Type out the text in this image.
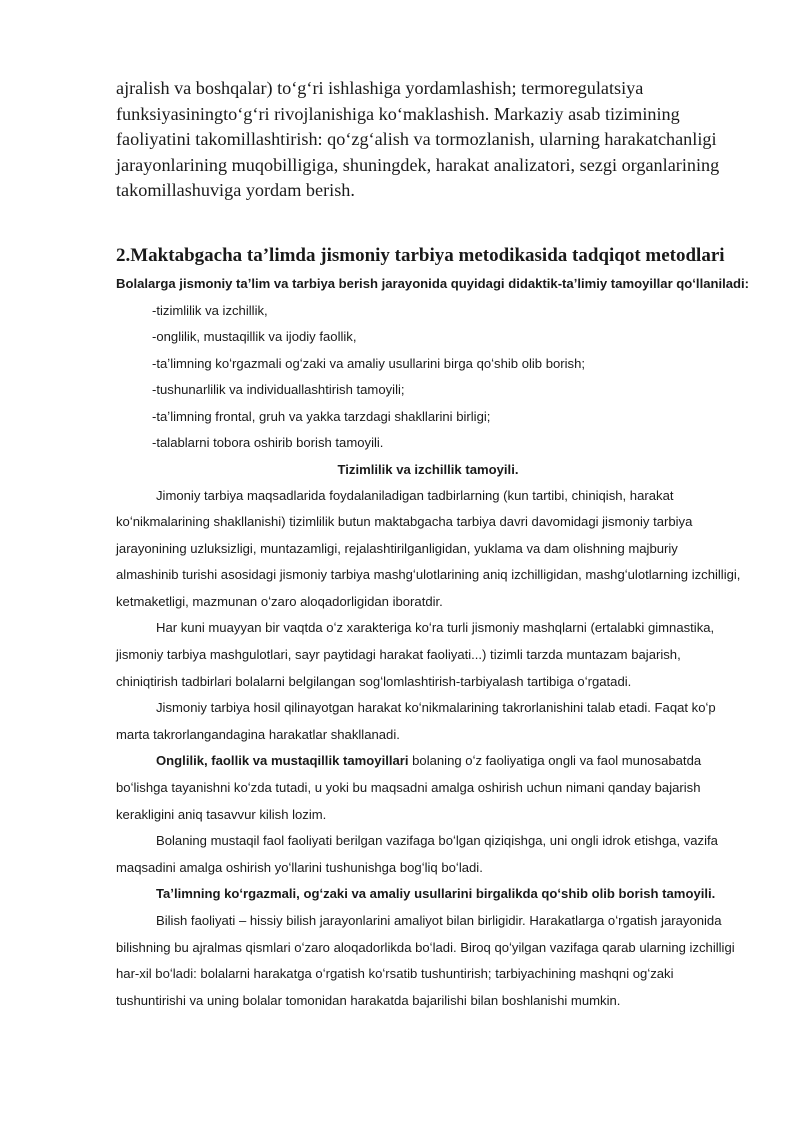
ajralish va boshqalar) to‘g‘ri ishlashiga yordamlashish; termoregulatsiya funksiyasiningto‘g‘ri rivojlanishiga ko‘maklashish. Markaziy asab tizimining faoliyatini takomillashtirish: qo‘zg‘alish va tormozlanish, ularning harakatchanligi jarayonlarining muqobilligiga, shuningdek, harakat analizatori, sezgi organlarining takomillashuviga yordam berish.

2.Maktabgacha ta’limda jismoniy tarbiya metodikasida tadqiqot metodlari

Bolalarga jismoniy taʼlim va tarbiya berish jarayonida quyidagi didaktik-taʼlimiy tamoyillar qoʻllaniladi:

-tizimlilik va izchillik,
-onglilik, mustaqillik va ijodiy faollik,
-taʼlimning koʻrgazmali ogʻzaki va amaliy usullarini birga qoʻshib olib borish;
-tushunarlilik va individuallashtirish tamoyili;
-taʼlimning frontal, gruh va yakka tarzdagi shakllarini birligi;
-talablarni tobora oshirib borish tamoyili.

Tizimlilik va izchillik tamoyili.

Jimoniy tarbiya maqsadlarida foydalaniladigan tadbirlarning (kun tartibi, chiniqish, harakat koʻnikmalarining shakllanishi) tizimlilik butun maktabgacha tarbiya davri davomidagi jismoniy tarbiya jarayonining uzluksizligi, muntazamligi, rejalashtirilganligidan, yuklama va dam olishning majburiy almashinib turishi asosidagi jismoniy tarbiya mashgʻulotlarining aniq izchilligidan, mashgʻulotlarning izchilligi, ketmaketligi, mazmunan oʻzaro aloqadorligidan iboratdir.

Har kuni muayyan bir vaqtda oʻz xarakteriga koʻra turli jismoniy mashqlarni (ertalabki gimnastika, jismoniy tarbiya mashgulotlari, sayr paytidagi harakat faoliyati...) tizimli tarzda muntazam bajarish, chiniqtirish tadbirlari bolalarni belgilangan sogʻlomlashtirish-tarbiyalash tartibiga oʻrgatadi.

Jismoniy tarbiya hosil qilinayotgan harakat koʻnikmalarining takrorlanishini talab etadi. Faqat koʻp marta takrorlangandagina harakatlar shakllanadi.

Onglilik, faollik va mustaqillik tamoyillari bolaning oʻz faoliyatiga ongli va faol munosabatda boʻlishga tayanishni koʻzda tutadi, u yoki bu maqsadni amalga oshirish uchun nimani qanday bajarish kerakligini aniq tasavvur kilish lozim.

Bolaning mustaqil faol faoliyati berilgan vazifaga boʻlgan qiziqishga, uni ongli idrok etishga, vazifa maqsadini amalga oshirish yoʻllarini tushunishga bogʻliq boʻladi.

Taʼlimning koʻrgazmali, ogʻzaki va amaliy usullarini birgalikda qoʻshib olib borish tamoyili.

Bilish faoliyati – hissiy bilish jarayonlarini amaliyot bilan birligidir. Harakatlarga oʻrgatish jarayonida bilishning bu ajralmas qismlari oʻzaro aloqadorlikda boʻladi. Biroq qoʻyilgan vazifaga qarab ularning izchilligi har-xil boʻladi: bolalarni harakatga oʻrgatish koʻrsatib tushuntirish; tarbiyachining mashqni ogʻzaki tushuntirishi va uning bolalar tomonidan harakatda bajarilishi bilan boshlanishi mumkin.
